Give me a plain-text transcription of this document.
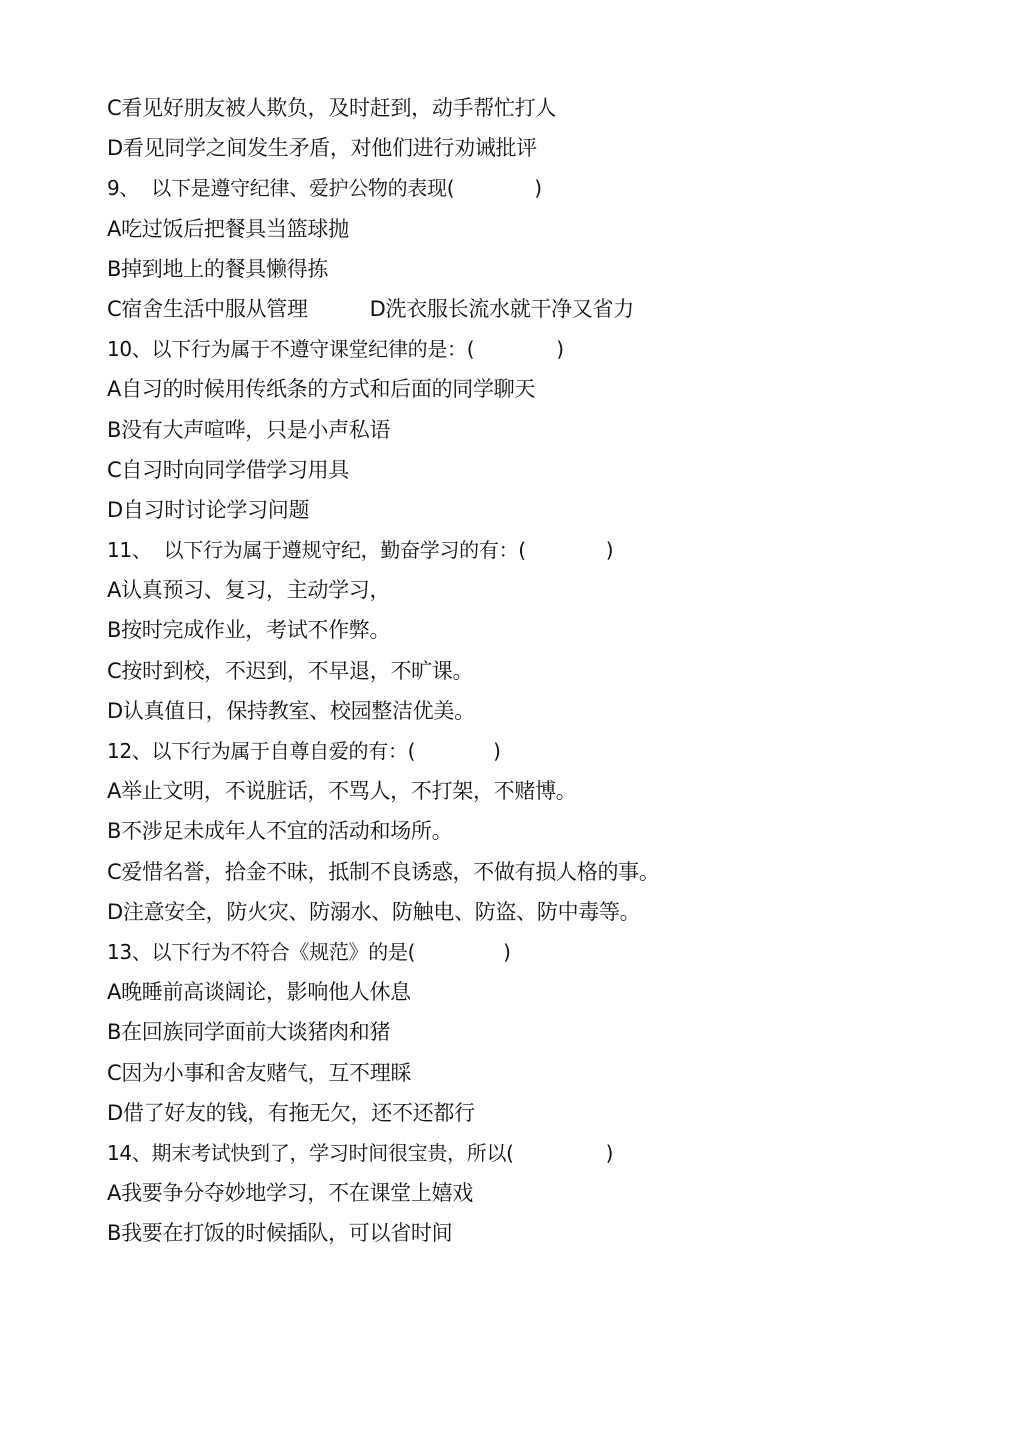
C看见好朋友被人欺负，及时赶到，动手帮忙打人
D看见同学之间发生矛盾，对他们进行劝诫批评
9、  以下是遵守纪律、爱护公物的表现(	)
A吃过饭后把餐具当篮球抛
B掉到地上的餐具懒得拣
C宿舍生活中服从管理	D洗衣服长流水就干净又省力
10、以下行为属于不遵守课堂纪律的是：(	)
A自习的时候用传纸条的方式和后面的同学聊天
B没有大声喧哗，只是小声私语
C自习时向同学借学习用具
D自习时讨论学习问题
11、  以下行为属于遵规守纪，勤奋学习的有：(	)
A认真预习、复习，主动学习，
B按时完成作业，考试不作弊。
C按时到校，不迟到，不早退，不旷课。
D认真值日，保持教室、校园整洁优美。
12、以下行为属于自尊自爱的有：(	)
A举止文明，不说脏话，不骂人，不打架，不赌博。
B不涉足未成年人不宜的活动和场所。
C爱惜名誉，拾金不昧，抵制不良诱惑，不做有损人格的事。
D注意安全，防火灾、防溺水、防触电、防盗、防中毒等。
13、以下行为不符合《规范》的是(	)
A晚睡前高谈阔论，影响他人休息
B在回族同学面前大谈猪肉和猪
C因为小事和舍友赌气，互不理睬
D借了好友的钱，有拖无欠，还不还都行
14、期末考试快到了，学习时间很宝贵，所以(	)
A我要争分夺妙地学习，不在课堂上嬉戏
B我要在打饭的时候插队，可以省时间
